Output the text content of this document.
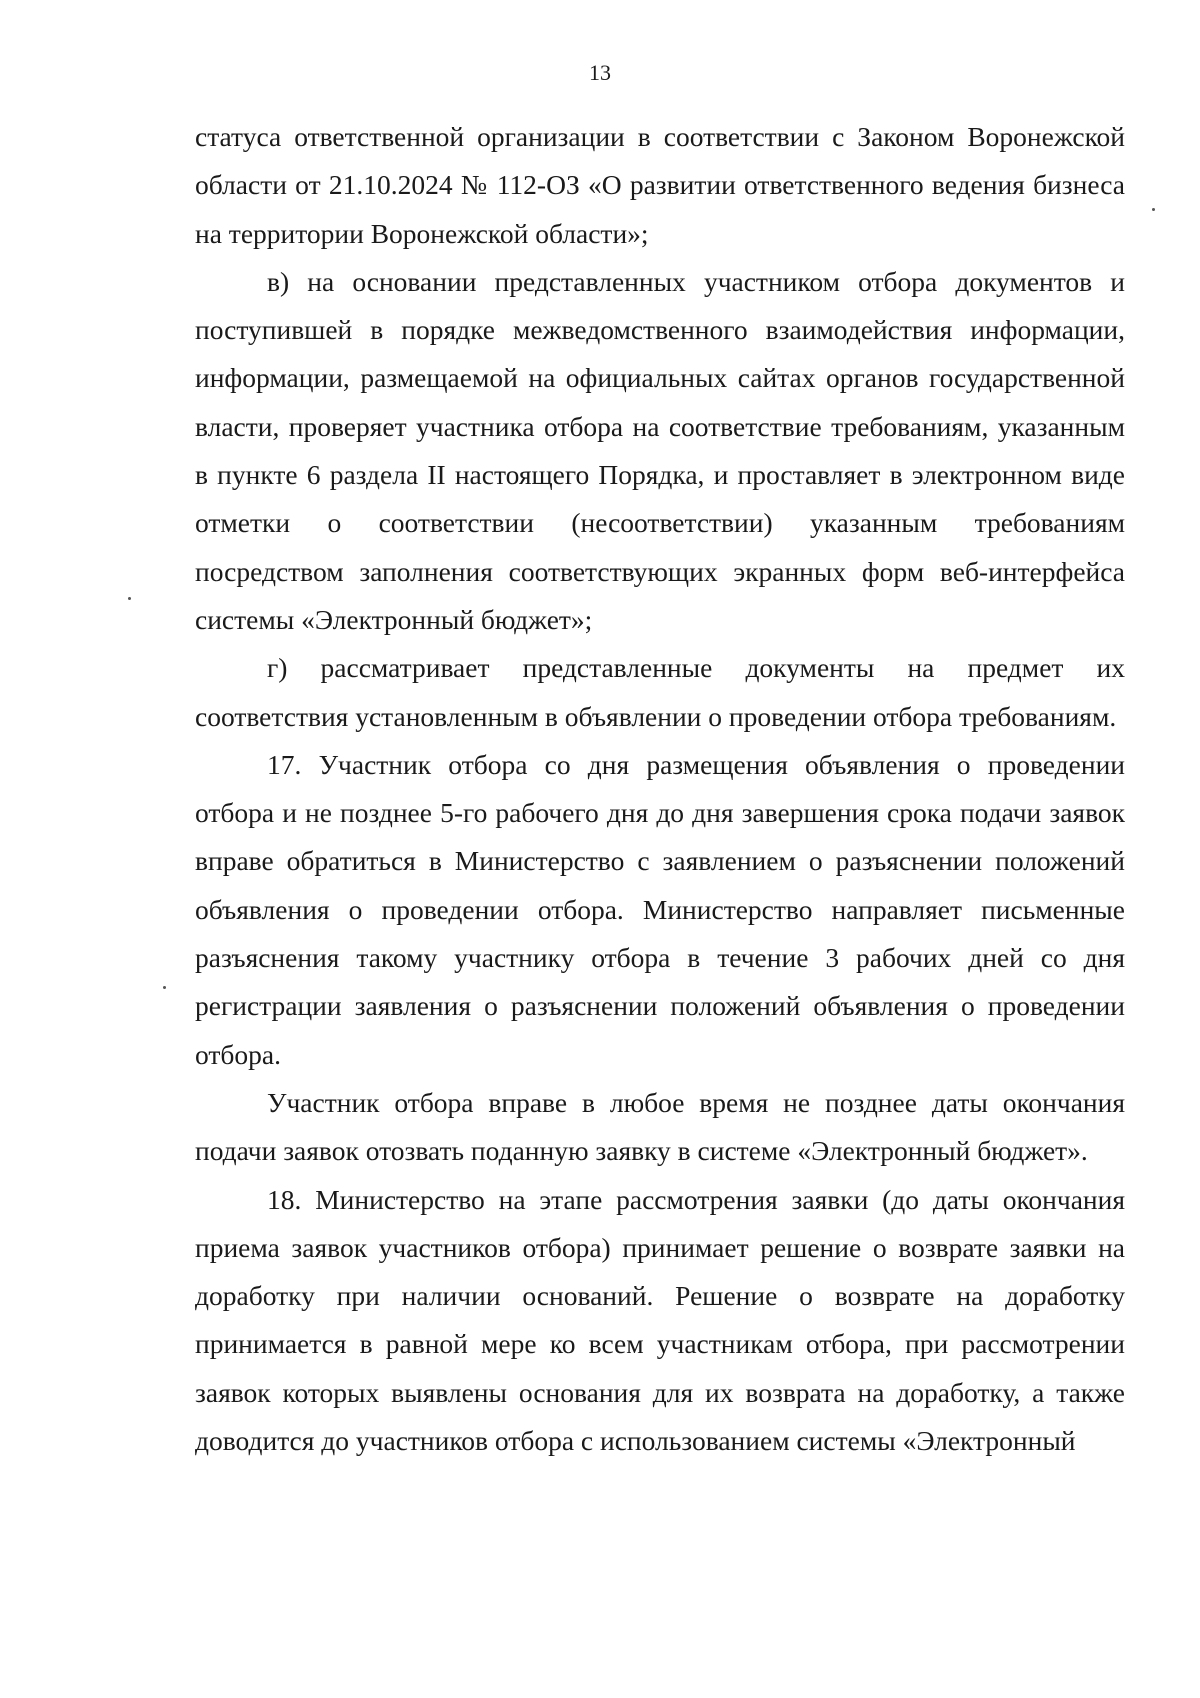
13

статуса ответственной организации в соответствии с Законом Воронежской области от 21.10.2024 № 112-ОЗ «О развитии ответственного ведения бизнеса на территории Воронежской области»;

в) на основании представленных участником отбора документов и поступившей в порядке межведомственного взаимодействия информации, информации, размещаемой на официальных сайтах органов государственной власти, проверяет участника отбора на соответствие требованиям, указанным в пункте 6 раздела II настоящего Порядка, и проставляет в электронном виде отметки о соответствии (несоответствии) указанным требованиям посредством заполнения соответствующих экранных форм веб-интерфейса системы «Электронный бюджет»;

г) рассматривает представленные документы на предмет их соответствия установленным в объявлении о проведении отбора требованиям.

17. Участник отбора со дня размещения объявления о проведении отбора и не позднее 5-го рабочего дня до дня завершения срока подачи заявок вправе обратиться в Министерство с заявлением о разъяснении положений объявления о проведении отбора. Министерство направляет письменные разъяснения такому участнику отбора в течение 3 рабочих дней со дня регистрации заявления о разъяснении положений объявления о проведении отбора.

Участник отбора вправе в любое время не позднее даты окончания подачи заявок отозвать поданную заявку в системе «Электронный бюджет».

18. Министерство на этапе рассмотрения заявки (до даты окончания приема заявок участников отбора) принимает решение о возврате заявки на доработку при наличии оснований. Решение о возврате на доработку принимается в равной мере ко всем участникам отбора, при рассмотрении заявок которых выявлены основания для их возврата на доработку, а также доводится до участников отбора с использованием системы «Электронный
